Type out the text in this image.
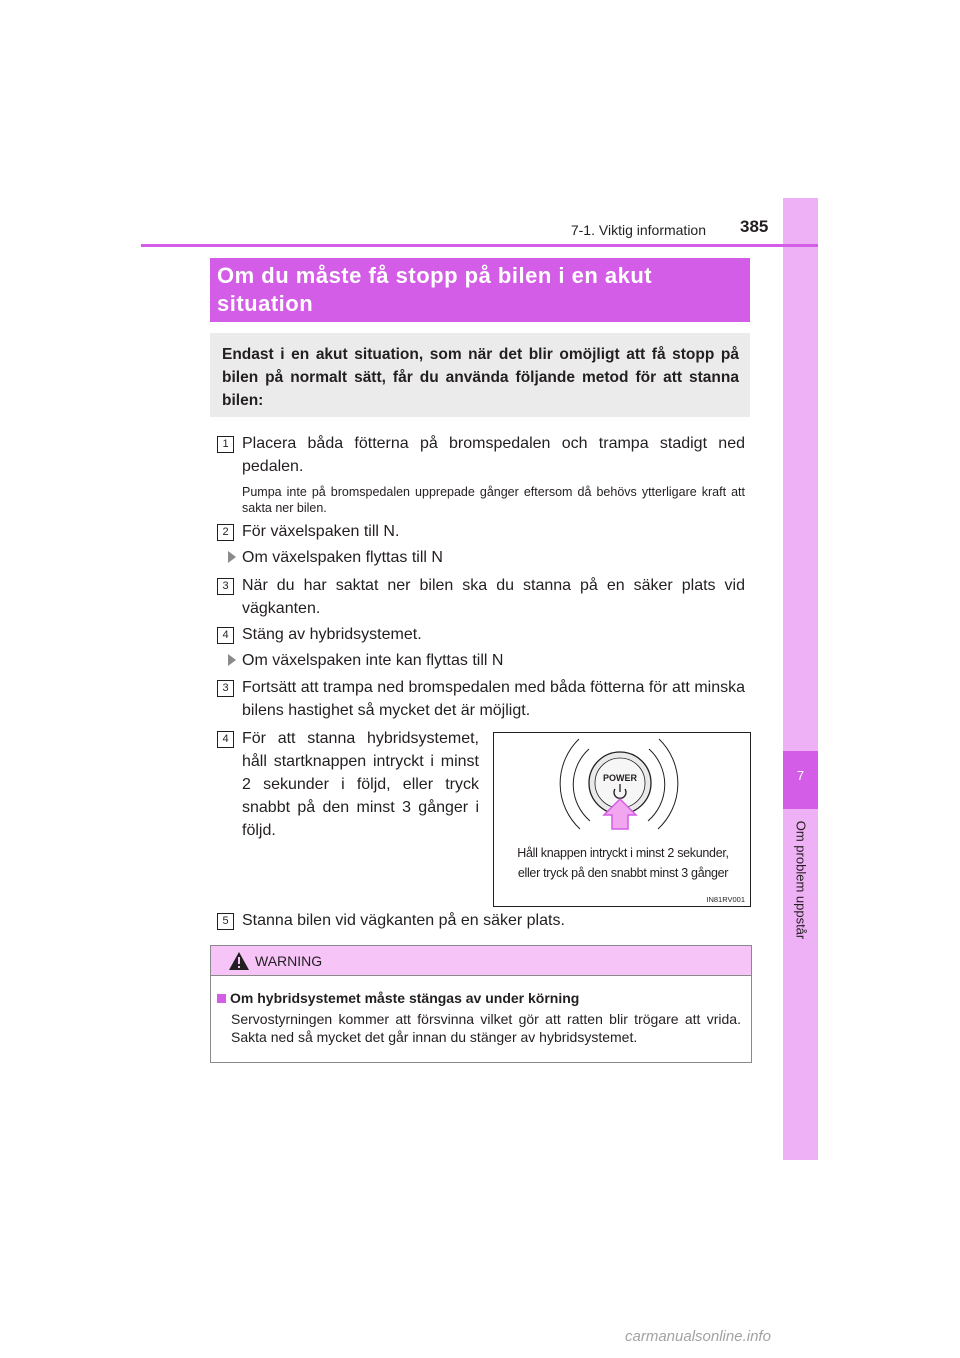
7
Om problem uppstår
7-1. Viktig information 385
Om du måste få stopp på bilen i en akut situation
Endast i en akut situation, som när det blir omöjligt att få stopp på bilen på normalt sätt, får du använda följande metod för att stanna bilen:
1 Placera båda fötterna på bromspedalen och trampa stadigt ned pedalen.
Pumpa inte på bromspedalen upprepade gånger eftersom då behövs ytterligare kraft att sakta ner bilen.
2 För växelspaken till N.
Om växelspaken flyttas till N
3 När du har saktat ner bilen ska du stanna på en säker plats vid vägkanten.
4 Stäng av hybridsystemet.
Om växelspaken inte kan flyttas till N
3 Fortsätt att trampa ned bromspedalen med båda fötterna för att minska bilens hastighet så mycket det är möjligt.
4 För att stanna hybridsystemet, håll startknappen intryckt i minst 2 sekunder i följd, eller tryck snabbt på den minst 3 gånger i följd.
POWER
Håll knappen intryckt i minst 2 sekunder,
eller tryck på den snabbt minst 3 gånger
IN81RV001
5 Stanna bilen vid vägkanten på en säker plats.
WARNING
Om hybridsystemet måste stängas av under körning
Servostyrningen kommer att försvinna vilket gör att ratten blir trögare att vrida. Sakta ned så mycket det går innan du stänger av hybridsystemet.
carmanualsonline.info
